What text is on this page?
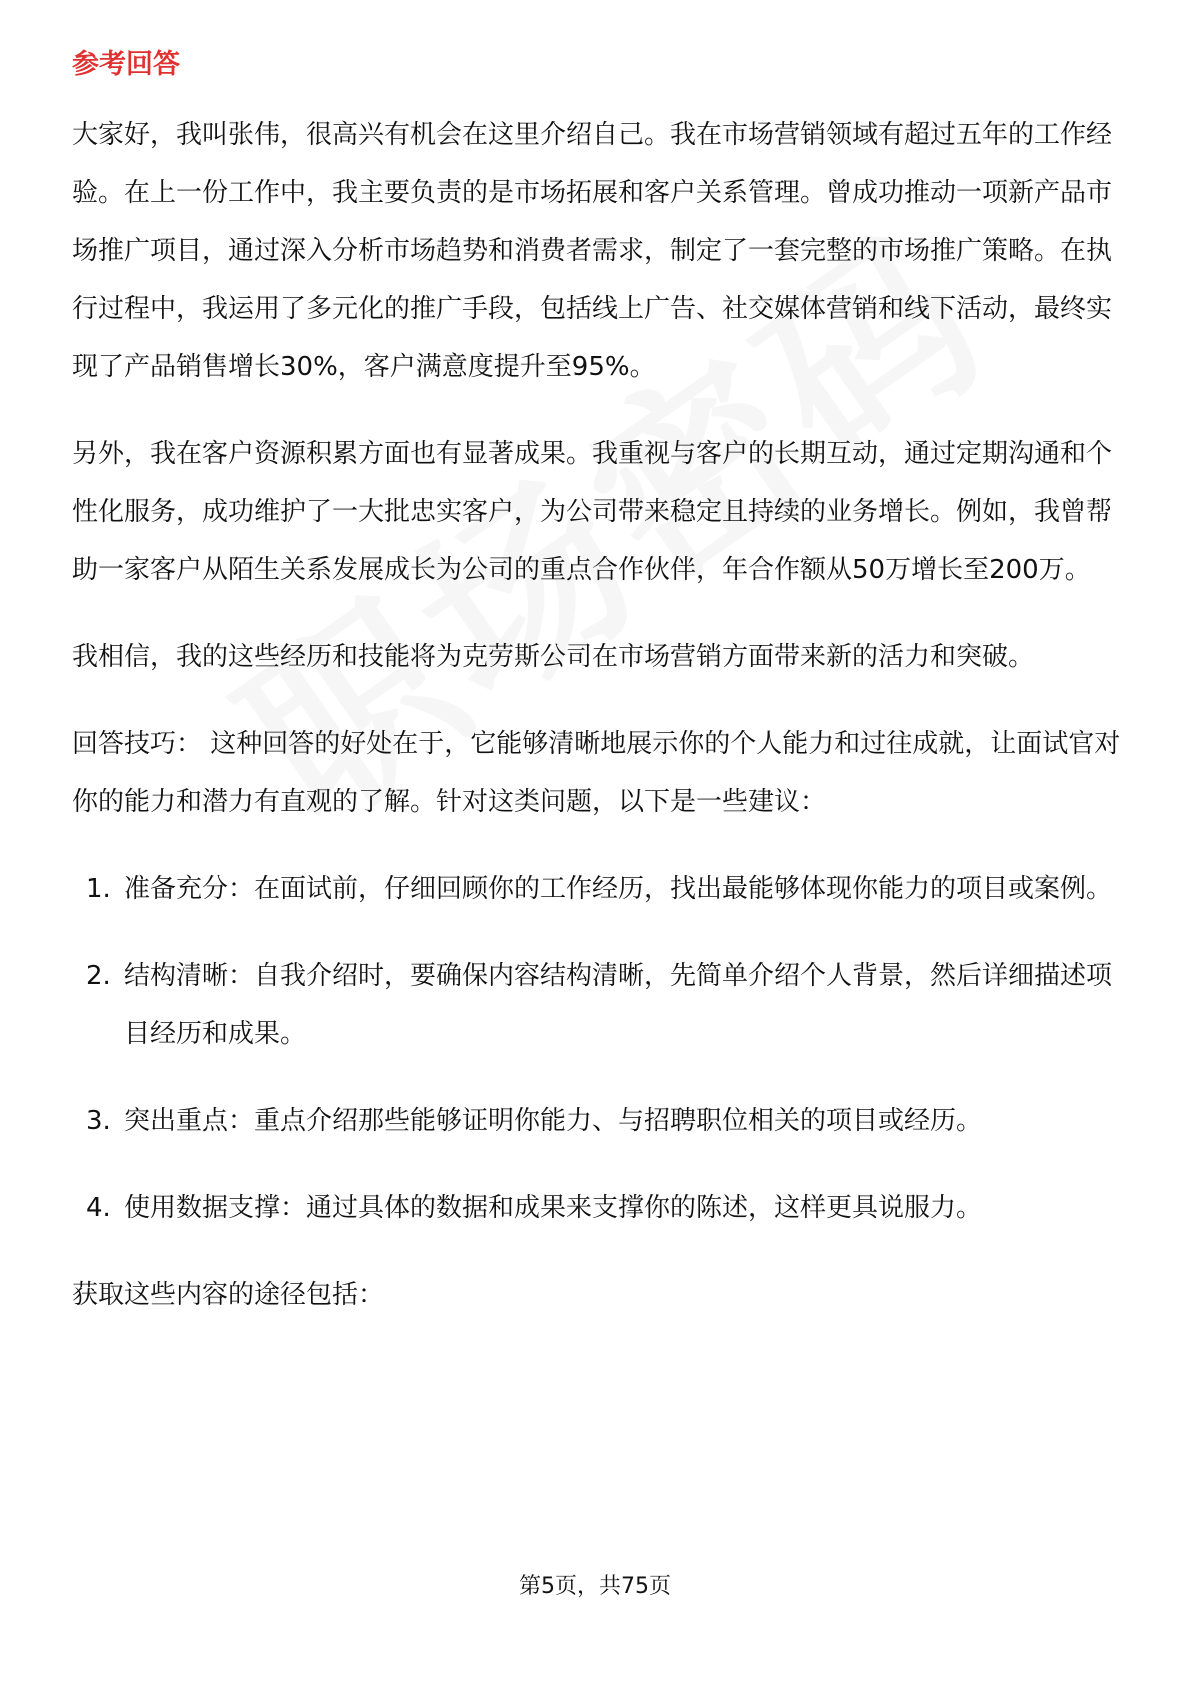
参考回答

大家好，我叫张伟，很高兴有机会在这里介绍自己。我在市场营销领域有超过五年的工作经验。在上一份工作中，我主要负责的是市场拓展和客户关系管理。曾成功推动一项新产品市场推广项目，通过深入分析市场趋势和消费者需求，制定了一套完整的市场推广策略。在执行过程中，我运用了多元化的推广手段，包括线上广告、社交媒体营销和线下活动，最终实现了产品销售增长30%，客户满意度提升至95%。

另外，我在客户资源积累方面也有显著成果。我重视与客户的长期互动，通过定期沟通和个性化服务，成功维护了一大批忠实客户，为公司带来稳定且持续的业务增长。例如，我曾帮助一家客户从陌生关系发展成长为公司的重点合作伙伴，年合作额从50万增长至200万。

我相信，我的这些经历和技能将为克劳斯公司在市场营销方面带来新的活力和突破。

回答技巧： 这种回答的好处在于，它能够清晰地展示你的个人能力和过往成就，让面试官对你的能力和潜力有直观的了解。针对这类问题，以下是一些建议：

1. 准备充分：在面试前，仔细回顾你的工作经历，找出最能够体现你能力的项目或案例。
2. 结构清晰：自我介绍时，要确保内容结构清晰，先简单介绍个人背景，然后详细描述项目经历和成果。
3. 突出重点：重点介绍那些能够证明你能力、与招聘职位相关的项目或经历。
4. 使用数据支撑：通过具体的数据和成果来支撑你的陈述，这样更具说服力。

获取这些内容的途径包括：

第5页，共75页
